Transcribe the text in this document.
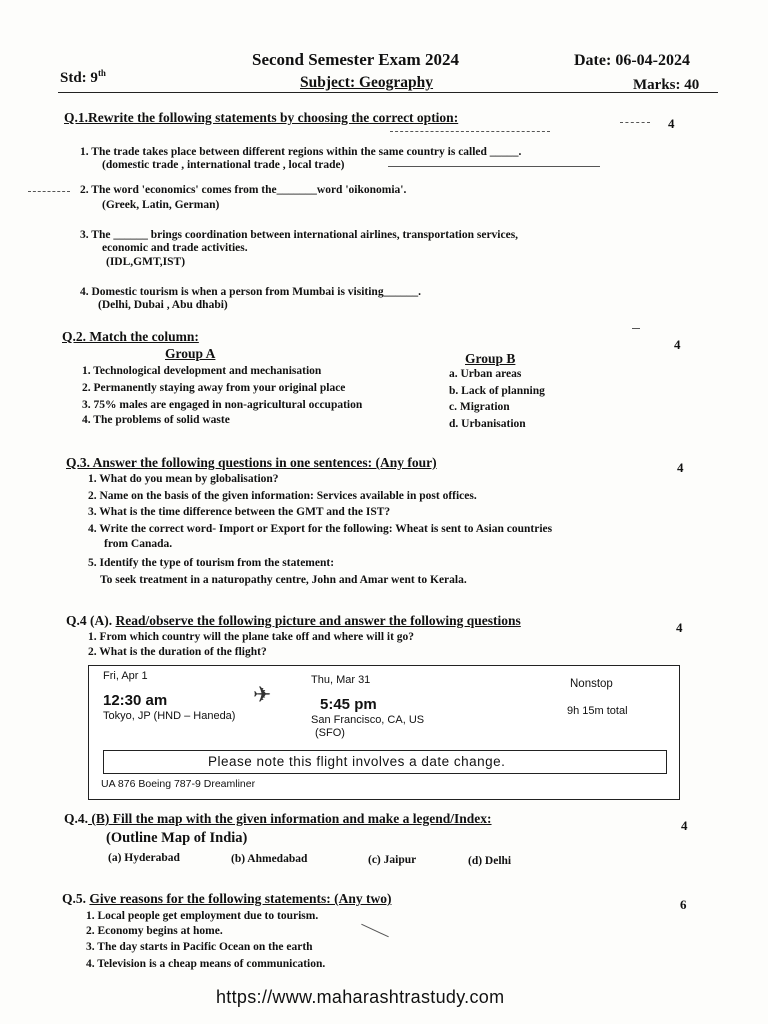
Second Semester Exam 2024	Date: 06-04-2024
Std: 9th
Subject: Geography	Marks: 40
Q.1.Rewrite the following statements by choosing the correct option:	4
1. The trade takes place between different regions within the same country is called _____.
(domestic trade , international trade , local trade)
2. The word 'economics' comes from the_______word 'oikonomia'.
(Greek, Latin, German)
3. The ______ brings coordination between international airlines, transportation services,
economic and trade activities.
(IDL,GMT,IST)
4. Domestic tourism is when a person from Mumbai is visiting______.
(Delhi, Dubai , Abu dhabi)
Q.2. Match the column:
4
Group A	Group B
1. Technological development and mechanisation
2. Permanently staying away from your original place
3. 75% males are engaged in non-agricultural occupation
4. The problems of solid waste
a. Urban areas
b. Lack of planning
c. Migration
d. Urbanisation
Q.3. Answer the following questions in one sentences: (Any four)	4
1. What do you mean by globalisation?
2. Name on the basis of the given information: Services available in post offices.
3. What is the time difference between the GMT and the IST?
4. Write the correct word- Import or Export for the following: Wheat is sent to Asian countries
from Canada.
5. Identify the type of tourism from the statement:
To seek treatment in a naturopathy centre, John and Amar went to Kerala.
Q.4 (A). Read/observe the following picture and answer the following questions	4
1. From which country will the plane take off and where will it go?
2. What is the duration of the flight?
Fri, Apr 1
12:30 am
Tokyo, JP (HND – Haneda)
✈
Thu, Mar 31
5:45 pm
San Francisco, CA, US
(SFO)
Nonstop
9h 15m total
Please note this flight involves a date change.
UA 876 Boeing 787-9 Dreamliner
Q.4. (B) Fill the map with the given information and make a legend/Index:	4
(Outline Map of India)
(a) Hyderabad	(b) Ahmedabad	(c) Jaipur	(d) Delhi
Q.5. Give reasons for the following statements: (Any two)	6
1. Local people get employment due to tourism.
2. Economy begins at home.
3. The day starts in Pacific Ocean on the earth
4. Television is a cheap means of communication.
https://www.maharashtrastudy.com
